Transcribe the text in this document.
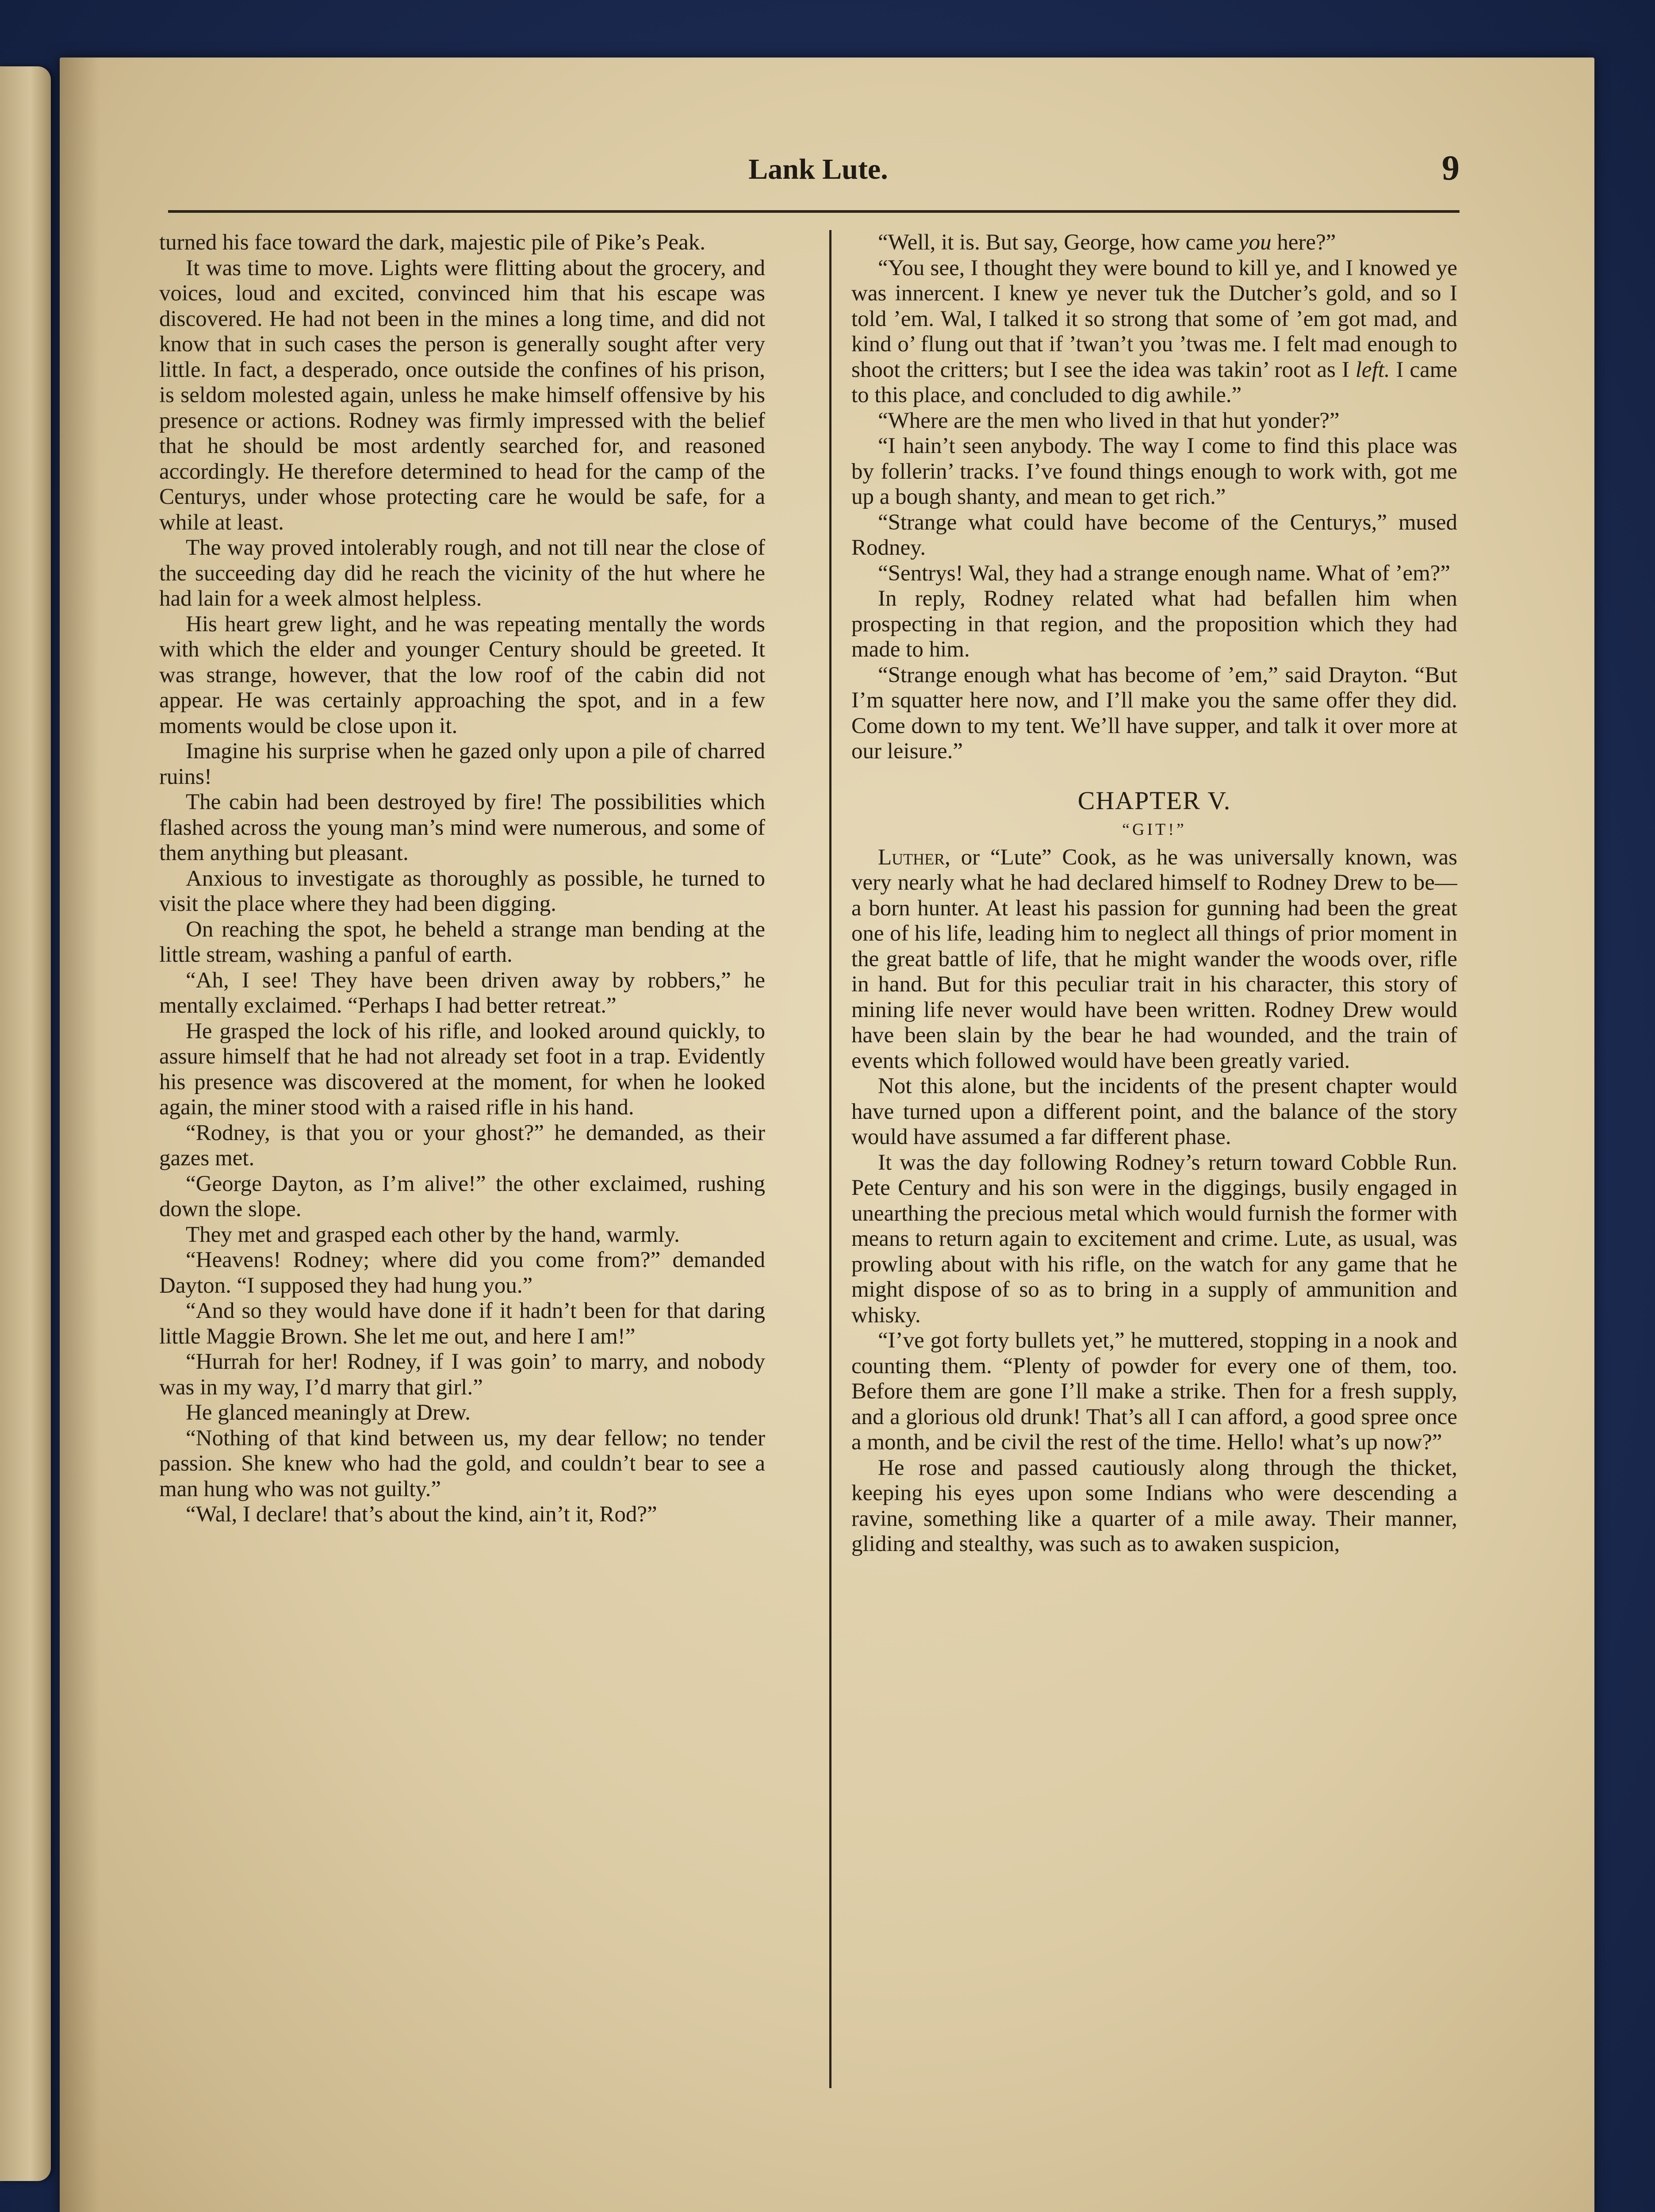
Lank Lute.	9

turned his face toward the dark, majestic pile of Pike’s Peak.

It was time to move. Lights were flitting about the grocery, and voices, loud and excited, convinced him that his escape was discovered. He had not been in the mines a long time, and did not know that in such cases the person is generally sought after very little. In fact, a desperado, once outside the confines of his prison, is seldom molested again, unless he make himself offensive by his presence or actions. Rodney was firmly impressed with the belief that he should be most ardently searched for, and reasoned accordingly. He therefore determined to head for the camp of the Centurys, under whose protecting care he would be safe, for a while at least.

The way proved intolerably rough, and not till near the close of the succeeding day did he reach the vicinity of the hut where he had lain for a week almost helpless.

His heart grew light, and he was repeating mentally the words with which the elder and younger Century should be greeted. It was strange, however, that the low roof of the cabin did not appear. He was certainly approaching the spot, and in a few moments would be close upon it.

Imagine his surprise when he gazed only upon a pile of charred ruins!

The cabin had been destroyed by fire! The possibilities which flashed across the young man’s mind were numerous, and some of them anything but pleasant.

Anxious to investigate as thoroughly as possible, he turned to visit the place where they had been digging.

On reaching the spot, he beheld a strange man bending at the little stream, washing a panful of earth.

“Ah, I see! They have been driven away by robbers,” he mentally exclaimed. “Perhaps I had better retreat.”

He grasped the lock of his rifle, and looked around quickly, to assure himself that he had not already set foot in a trap. Evidently his presence was discovered at the moment, for when he looked again, the miner stood with a raised rifle in his hand.

“Rodney, is that you or your ghost?” he demanded, as their gazes met.

“George Dayton, as I’m alive!” the other exclaimed, rushing down the slope.

They met and grasped each other by the hand, warmly.

“Heavens! Rodney; where did you come from?” demanded Dayton. “I supposed they had hung you.”

“And so they would have done if it hadn’t been for that daring little Maggie Brown. She let me out, and here I am!”

“Hurrah for her! Rodney, if I was goin’ to marry, and nobody was in my way, I’d marry that girl.”

He glanced meaningly at Drew.

“Nothing of that kind between us, my dear fellow; no tender passion. She knew who had the gold, and couldn’t bear to see a man hung who was not guilty.”

“Wal, I declare! that’s about the kind, ain’t it, Rod?”

“Well, it is. But say, George, how came you here?”

“You see, I thought they were bound to kill ye, and I knowed ye was innercent. I knew ye never tuk the Dutcher’s gold, and so I told ’em. Wal, I talked it so strong that some of ’em got mad, and kind o’ flung out that if ’twan’t you ’twas me. I felt mad enough to shoot the critters; but I see the idea was takin’ root as I left. I came to this place, and concluded to dig awhile.”

“Where are the men who lived in that hut yonder?”

“I hain’t seen anybody. The way I come to find this place was by follerin’ tracks. I’ve found things enough to work with, got me up a bough shanty, and mean to get rich.”

“Strange what could have become of the Centurys,” mused Rodney.

“Sentrys! Wal, they had a strange enough name. What of ’em?”

In reply, Rodney related what had befallen him when prospecting in that region, and the proposition which they had made to him.

“Strange enough what has become of ’em,” said Drayton. “But I’m squatter here now, and I’ll make you the same offer they did. Come down to my tent. We’ll have supper, and talk it over more at our leisure.”

CHAPTER V.
“GIT!”

Luther, or “Lute” Cook, as he was universally known, was very nearly what he had declared himself to Rodney Drew to be—a born hunter. At least his passion for gunning had been the great one of his life, leading him to neglect all things of prior moment in the great battle of life, that he might wander the woods over, rifle in hand. But for this peculiar trait in his character, this story of mining life never would have been written. Rodney Drew would have been slain by the bear he had wounded, and the train of events which followed would have been greatly varied.

Not this alone, but the incidents of the present chapter would have turned upon a different point, and the balance of the story would have assumed a far different phase.

It was the day following Rodney’s return toward Cobble Run. Pete Century and his son were in the diggings, busily engaged in unearthing the precious metal which would furnish the former with means to return again to excitement and crime. Lute, as usual, was prowling about with his rifle, on the watch for any game that he might dispose of so as to bring in a supply of ammunition and whisky.

“I’ve got forty bullets yet,” he muttered, stopping in a nook and counting them. “Plenty of powder for every one of them, too. Before them are gone I’ll make a strike. Then for a fresh supply, and a glorious old drunk! That’s all I can afford, a good spree once a month, and be civil the rest of the time. Hello! what’s up now?”

He rose and passed cautiously along through the thicket, keeping his eyes upon some Indians who were descending a ravine, something like a quarter of a mile away. Their manner, gliding and stealthy, was such as to awaken suspicion,
